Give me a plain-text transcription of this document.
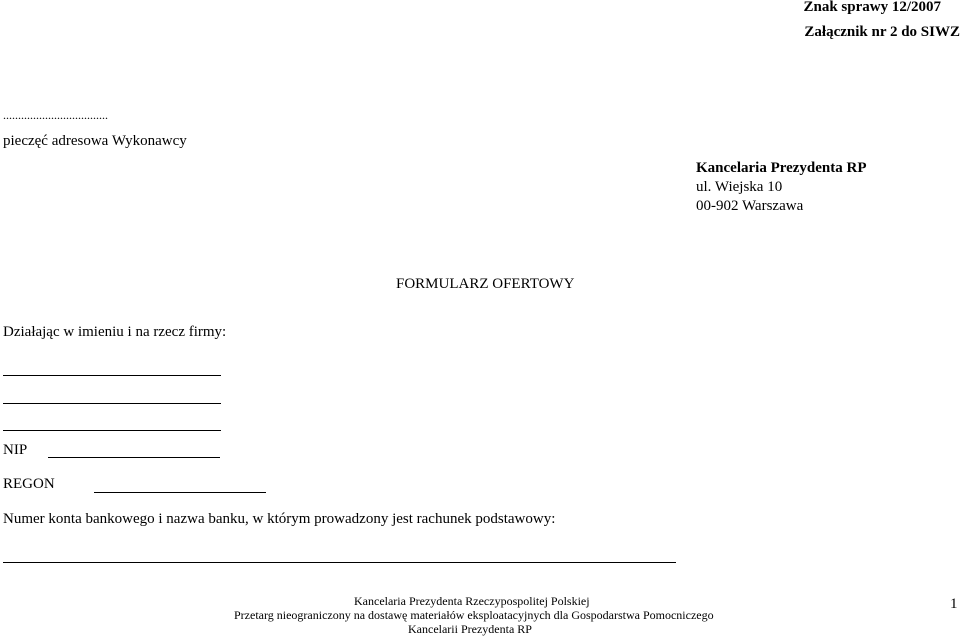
Znak sprawy 12/2007
Załącznik nr 2 do SIWZ
...................................
pieczęć adresowa Wykonawcy
Kancelaria Prezydenta RP
ul. Wiejska 10
00-902 Warszawa
FORMULARZ OFERTOWY
Działając w imieniu i na rzecz firmy:
NIP
REGON
Numer konta bankowego i nazwa banku, w którym prowadzony jest rachunek podstawowy:
Kancelaria Prezydenta Rzeczypospolitej Polskiej
Przetarg nieograniczony na dostawę materiałów eksploatacyjnych dla Gospodarstwa Pomocniczego
Kancelarii Prezydenta RP
1
